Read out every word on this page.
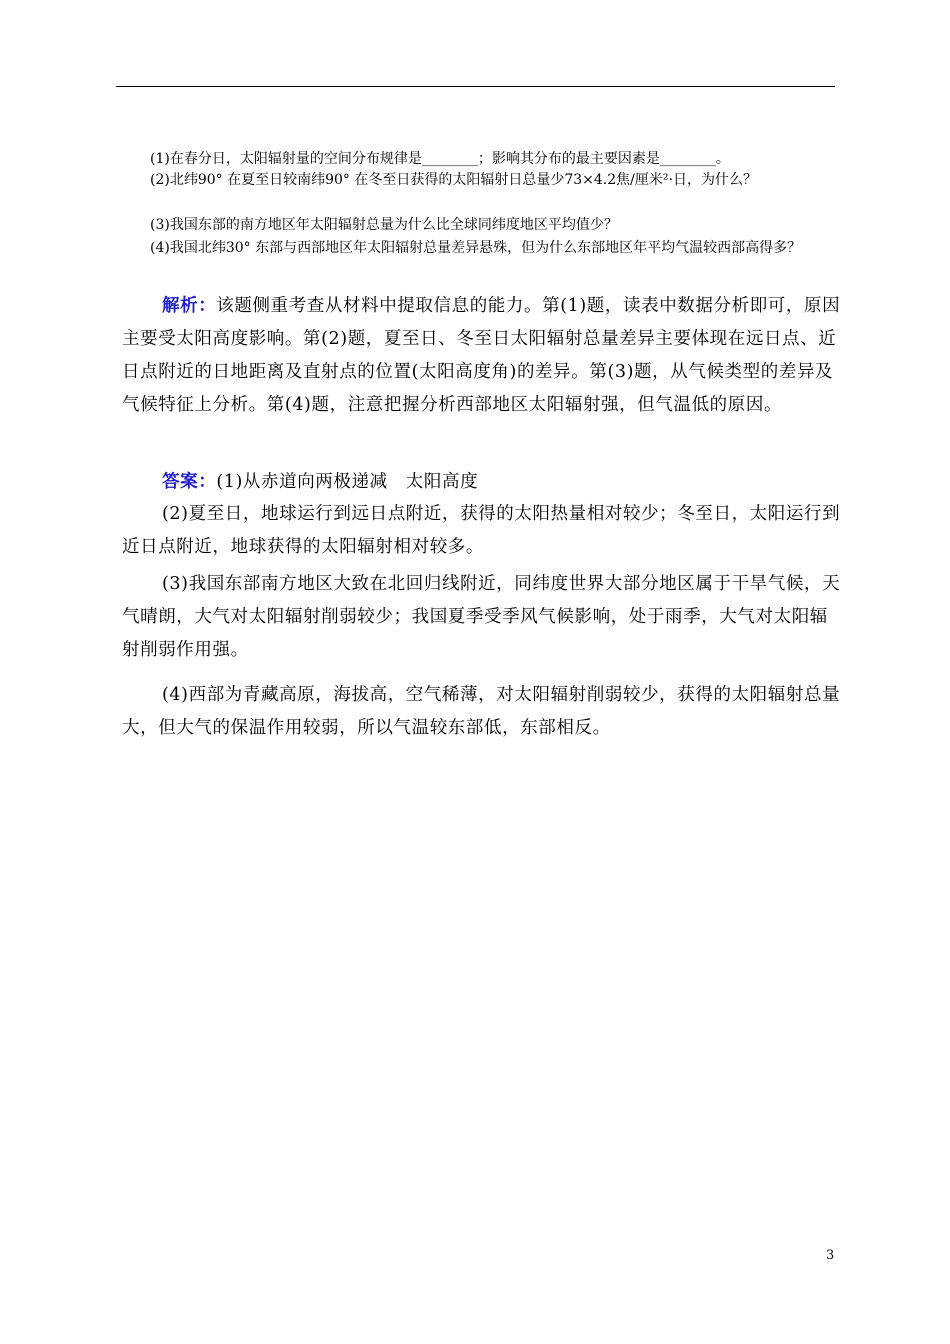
(1)在春分日，太阳辐射量的空间分布规律是________；影响其分布的最主要因素是________。

(2)北纬90° 在夏至日较南纬90° 在冬至日获得的太阳辐射日总量少73×4.2焦/厘米²·日，为什么？

(3)我国东部的南方地区年太阳辐射总量为什么比全球同纬度地区平均值少？

(4)我国北纬30° 东部与西部地区年太阳辐射总量差异悬殊，但为什么东部地区年平均气温较西部高得多？

解析：该题侧重考查从材料中提取信息的能力。第(1)题，读表中数据分析即可，原因主要受太阳高度影响。第(2)题，夏至日、冬至日太阳辐射总量差异主要体现在远日点、近日点附近的日地距离及直射点的位置(太阳高度角)的差异。第(3)题，从气候类型的差异及气候特征上分析。第(4)题，注意把握分析西部地区太阳辐射强，但气温低的原因。

答案：(1)从赤道向两极递减　太阳高度

(2)夏至日，地球运行到远日点附近，获得的太阳热量相对较少；冬至日，太阳运行到近日点附近，地球获得的太阳辐射相对较多。

(3)我国东部南方地区大致在北回归线附近，同纬度世界大部分地区属于干旱气候，天气晴朗，大气对太阳辐射削弱较少；我国夏季受季风气候影响，处于雨季，大气对太阳辐射削弱作用强。

(4)西部为青藏高原，海拔高，空气稀薄，对太阳辐射削弱较少，获得的太阳辐射总量大，但大气的保温作用较弱，所以气温较东部低，东部相反。

3
